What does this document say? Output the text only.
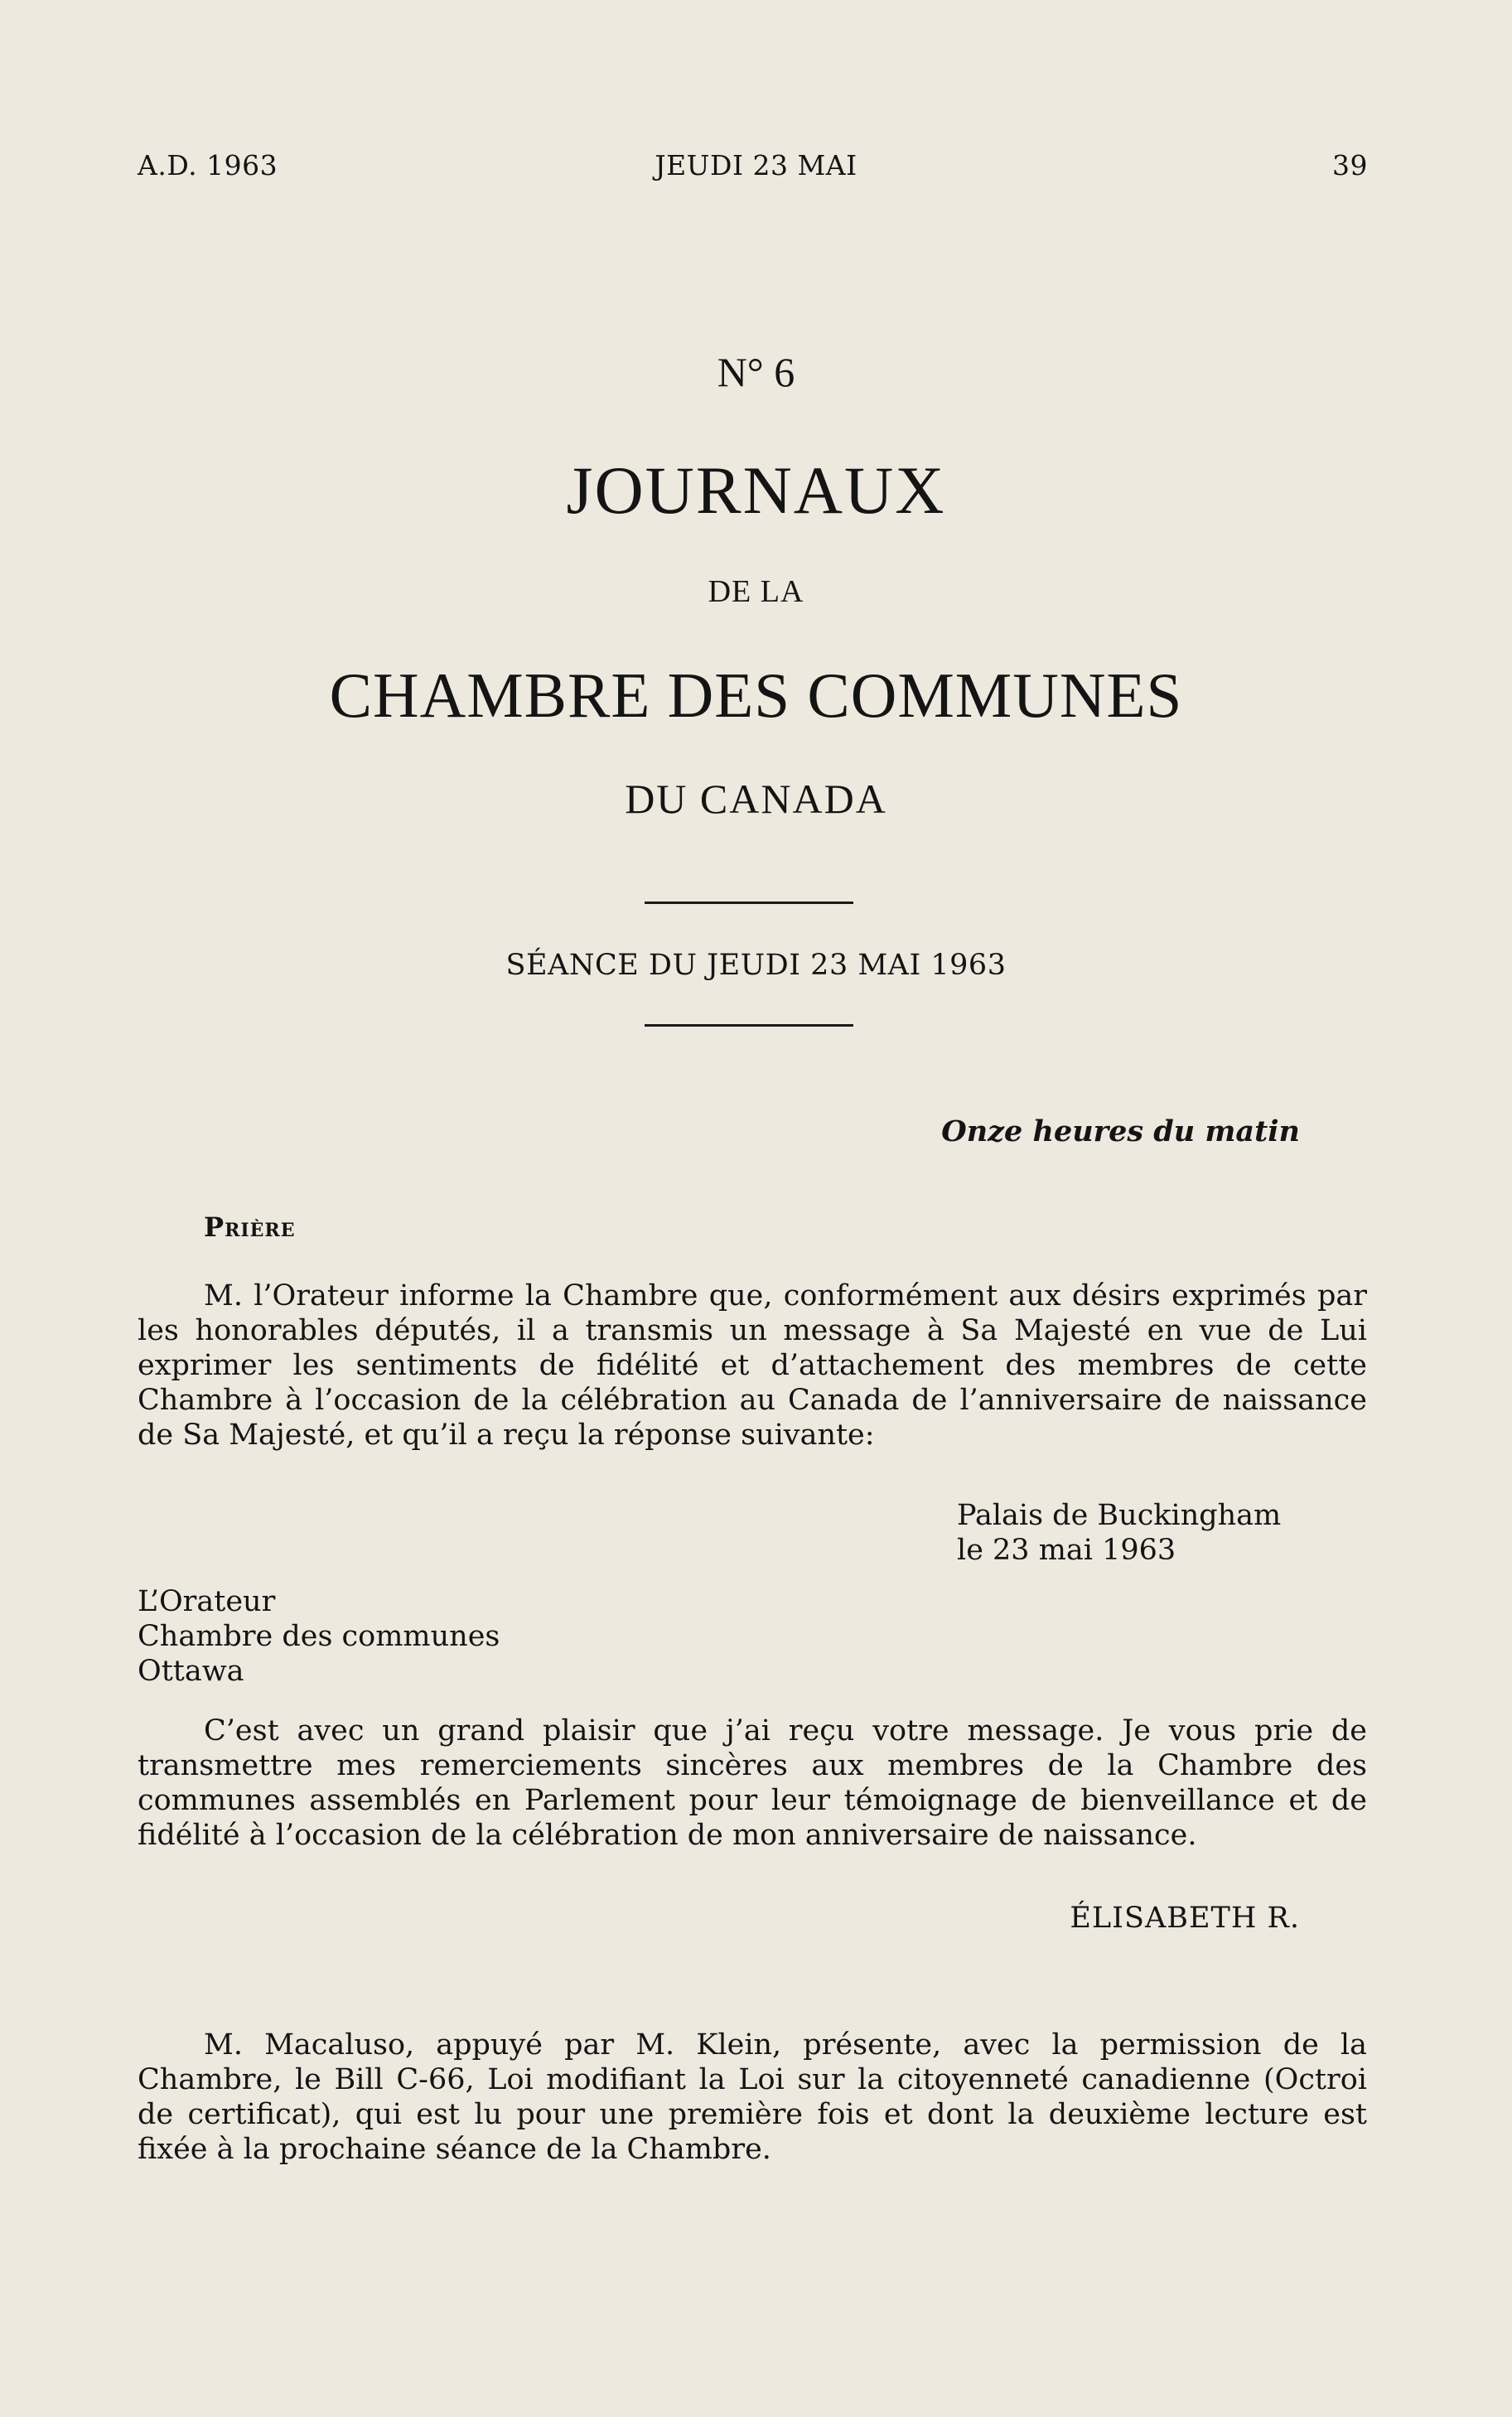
A.D. 1963	JEUDI 23 MAI	39
N° 6
JOURNAUX
DE LA
CHAMBRE DES COMMUNES
DU CANADA
SÉANCE DU JEUDI 23 MAI 1963
Onze heures du matin
Prière

M. l’Orateur informe la Chambre que, conformément aux désirs exprimés par les honorables députés, il a transmis un message à Sa Majesté en vue de Lui exprimer les sentiments de fidélité et d’attachement des membres de cette Chambre à l’occasion de la célébration au Canada de l’anniversaire de naissance de Sa Majesté, et qu’il a reçu la réponse suivante:

Palais de Buckingham
le 23 mai 1963
L’Orateur
Chambre des communes
Ottawa

C’est avec un grand plaisir que j’ai reçu votre message. Je vous prie de transmettre mes remerciements sincères aux membres de la Chambre des communes assemblés en Parlement pour leur témoignage de bienveillance et de fidélité à l’occasion de la célébration de mon anniversaire de naissance.

ÉLISABETH R.

M. Macaluso, appuyé par M. Klein, présente, avec la permission de la Chambre, le Bill C-66, Loi modifiant la Loi sur la citoyenneté canadienne (Octroi de certificat), qui est lu pour une première fois et dont la deuxième lecture est fixée à la prochaine séance de la Chambre.
